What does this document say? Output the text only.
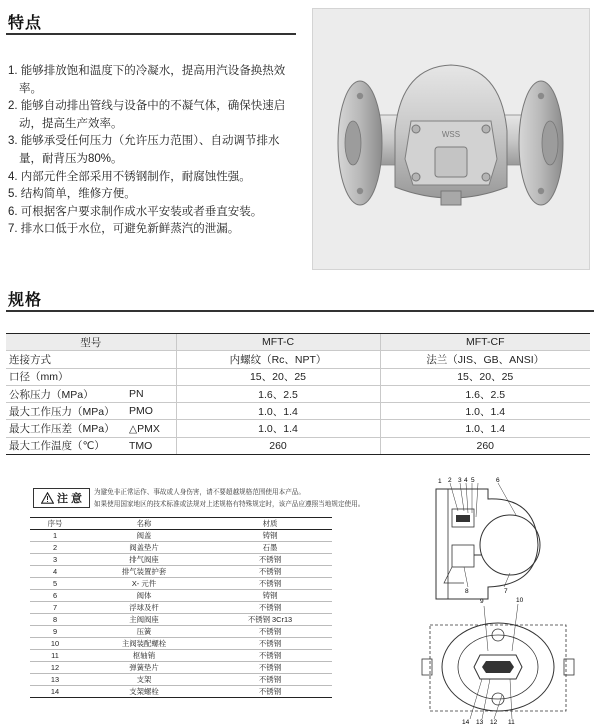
特点
1. 能够排放饱和温度下的冷凝水，提高用汽设备换热效率。
2. 能够自动排出管线与设备中的不凝气体，确保快速启动，提高生产效率。
3. 能够承受任何压力（允许压力范围）、自动调节排水量，耐背压为80%。
4. 内部元件全部采用不锈钢制作，耐腐蚀性强。
5. 结构简单，维修方便。
6. 可根据客户要求制作成水平安装或者垂直安装。
7. 排水口低于水位，可避免新鲜蒸汽的泄漏。
WSS
规格
型号		MFT-C	MFT-CF
连接方式		内螺纹（Rc、NPT）	法兰（JIS、GB、ANSI）
口径（mm）		15、20、25	15、20、25
公称压力（MPa）	PN	1.6、2.5	1.6、2.5
最大工作压力（MPa）	PMO	1.0、1.4	1.0、1.4
最大工作压差（MPa）	△PMX	1.0、1.4	1.0、1.4
最大工作温度（℃）	TMO	260	260
注 意
为避免非正常运作、事故或人身伤害，请不要超越规格范围使用本产品。
如果使用国家地区的技术标准或法规对上述规格有特殊规定时，该产品应遵照当地规定使用。
序号	名称	材质
1	阀盖	铸钢
2	阀盖垫片	石墨
3	排气阀座	不锈钢
4	排气装置护套	不锈钢
5	X- 元件	不锈钢
6	阀体	铸钢
7	浮球及杆	不锈钢
8	主阀阀座	不锈钢 3Cr13
9	压簧	不锈钢
10	主阀装配螺栓	不锈钢
11	枢轴销	不锈钢
12	弹簧垫片	不锈钢
13	支架	不锈钢
14	支架螺栓	不锈钢
1 2 3 4 5	6
7
8
9	10
14 13 12 11
